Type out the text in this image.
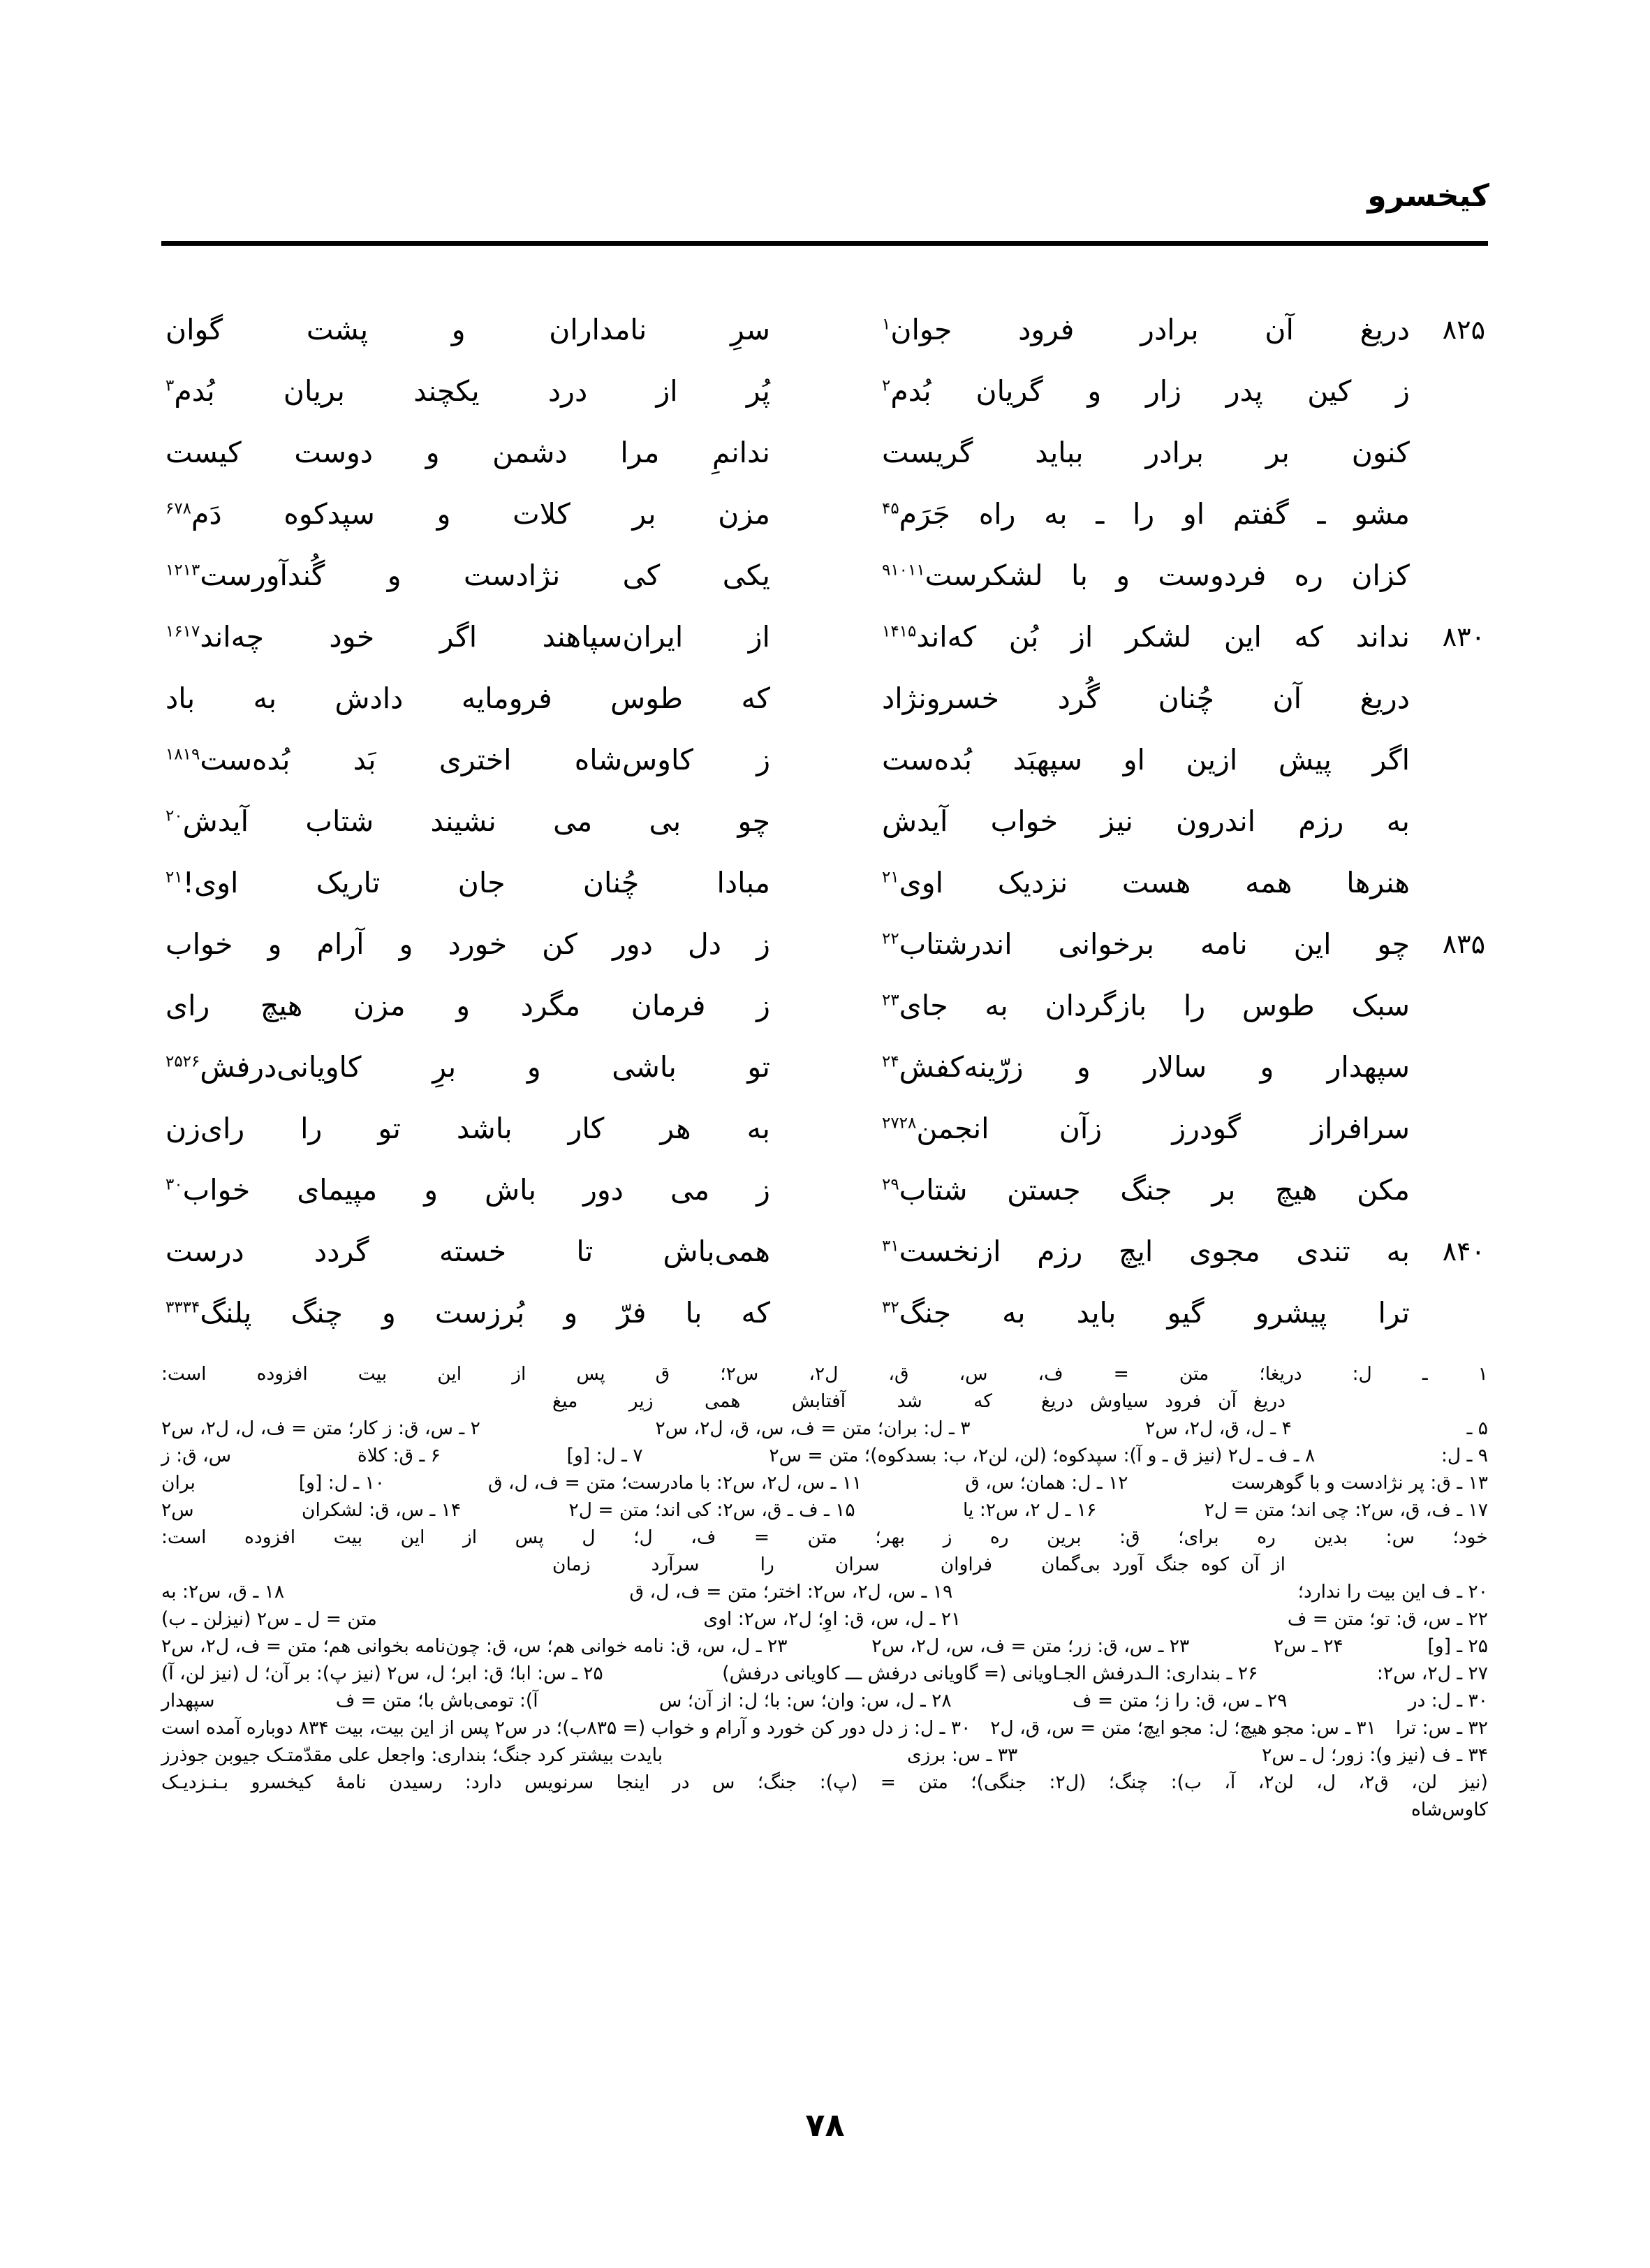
کیخسرو
۸۲۵
دریغ آن برادر فرود جوان$^۱$
سرِ نامداران و پشت گوان
ز کین پدر زار و گریان بُدم$^۲$
پُر از درد یکچند بریان بُدم$^۳$
کنون بر برادر بباید گریست
ندانمِ مرا دشمن و دوست کیست
مشو ـ گفتم او را ـ به راه جَرَم$^{۴۵}$
مزن بر کلات و سپدکوه دَم$^{۶۷۸}$
کزان ره فردوست و با لشکرست$^{۹۱۰۱۱}$
یکی کی نژادست و گُندآورست$^{۱۲۱۳}$
۸۳۰
نداند که این لشکر از بُن که‌اند$^{۱۴۱۵}$
از ایران‌سپاهند اگر خود چه‌اند$^{۱۶۱۷}$
دریغ آن چُنان گُرد خسرونژاد
که طوس فرومایه دادش به باد
اگر پیش ازین او سپهبَد بُده‌ست
ز کاوس‌شاه اختری بَد بُده‌ست$^{۱۸۱۹}$
به رزم اندرون نیز خواب آیدش
چو بی می نشیند شتاب آیدش$^{۲۰}$
هنرها همه هست نزدیک اوی$^{۲۱}$
مبادا چُنان جان تاریک اوی!$^{۲۱}$
۸۳۵
چو این نامه برخوانی اندرشتاب$^{۲۲}$
ز دل دور کن خورد و آرام و خواب
سبک طوس را بازگردان به جای$^{۲۳}$
ز فرمان مگرد و مزن هیچ رای
سپهدار و سالار و زرّینه‌کفش$^{۲۴}$
تو باشی و برِ کاویانی‌درفش$^{۲۵۲۶}$
سرافراز گودرز زآن انجمن$^{۲۷۲۸}$
به هر کار باشد تو را رای‌زن
مکن هیچ بر جنگ جستن شتاب$^{۲۹}$
ز می دور باش و مپیمای خواب$^{۳۰}$
۸۴۰
به تندی مجوی ایچ رزم ازنخست$^{۳۱}$
همی‌باش تا خسته گردد درست
ترا پیشرو گیو باید به جنگ$^{۳۲}$
که با فرّ و بُرزست و چنگ پلنگ$^{۳۳۳۴}$
۱ ـ ل: دریغا؛ متن = ف، س، ق، ل۲، س۲؛ ق پس از این بیت افزوده است:
دریغ آن فرود سیاوش دریغ
که شد آفتابش همی زیر میغ
۵ ـ
۴ ـ ل، ق، ل۲، س۲
۳ ـ ل: بران؛ متن = ف، س، ق، ل۲، س۲
۲ ـ س، ق: ز کار؛ متن = ف، ل، ل۲، س۲
۹ ـ ل:
۸ ـ ف ـ ل۲ (نیز ق ـ و آ): سپدکوه؛ (لن، لن۲، ب: بسدکوه)؛ متن = س۲
۷ ـ ل: [و]
۶ ـ ق: کلاة
س، ق: ز
۱۳ ـ ق: پر نژادست و با گوهرست
۱۲ ـ ل: همان؛ س، ق
۱۱ ـ س، ل۲، س۲: با مادرست؛ متن = ف، ل، ق
۱۰ ـ ل: [و]
بران
۱۷ ـ ف، ق، س۲: چی اند؛ متن = ل۲
۱۶ ـ ل ۲، س۲: یا
۱۵ ـ ف ـ ق، س۲: کی اند؛ متن = ل۲
۱۴ ـ س، ق: لشکران
س۲
خود؛ س: بدین ره برای؛ ق: برین ره ز بهر؛ متن = ف، ل؛ ل پس از این بیت افزوده است:
از آن کوه جنگ آورد بی‌گمان
فراوان سران را سرآرد زمان
۲۰ ـ ف این بیت را ندارد؛
۱۹ ـ س، ل۲، س۲: اختر؛ متن = ف، ل، ق
۱۸ ـ ق، س۲: به
۲۲ ـ س، ق: تو؛ متن = ف
۲۱ ـ ل، س، ق: اوِ؛ ل۲، س۲: اوی
متن = ل ـ س۲ (نیزلن ـ ب)
۲۵ ـ [و]
۲۴ ـ س۲
۲۳ ـ س، ق: زر؛ متن = ف، س، ل۲، س۲
۲۳ ـ ل، س، ق: نامه خوانی هم؛ س، ق: چون‌نامه بخوانی هم؛ متن = ف، ل۲، س۲
۲۷ ـ ل۲، س۲:
۲۶ ـ بنداری: الـدرفش الجـاویانی (= گاویانی درفش ـــ کاویانی درفش)
۲۵ ـ س: ابا؛ ق: ابر؛ ل، س۲ (نیز پ): بر آن؛ ل (نیز لن، آ)
۳۰ ـ ل: در
۲۹ ـ س، ق: را ز؛ متن = ف
۲۸ ـ ل، س: وان؛ س: با؛ ل: از آن؛ س
آ): تومی‌باش با؛ متن = ف
سپهدار
۳۲ ـ س: ترا
۳۱ ـ س: مجو هیچ؛ ل: مجو ایچ؛ متن = س، ق، ل۲
۳۰ ـ ل: ز دل دور کن خورد و آرام و خواب (= ۸۳۵ب)؛ در س۲ پس از این بیت، بیت ۸۳۴ دوباره آمده است
۳۴ ـ ف (نیز و): زور؛ ل ـ س۲
۳۳ ـ س: برزی
بایدت بیشتر کرد جنگ؛ بنداری: واجعل علی مقدّمتـک جیوبن جوذرز
(نیز لن، ق۲، ل، لن۲، آ، ب): چنگ؛ (ل۲: جنگی)؛ متن = (پ): جنگ؛ س در اینجا سرنویس دارد: رسیدن نامهٔ کیخسرو بـنـزدیـک
کاوس‌شاه
۷۸
